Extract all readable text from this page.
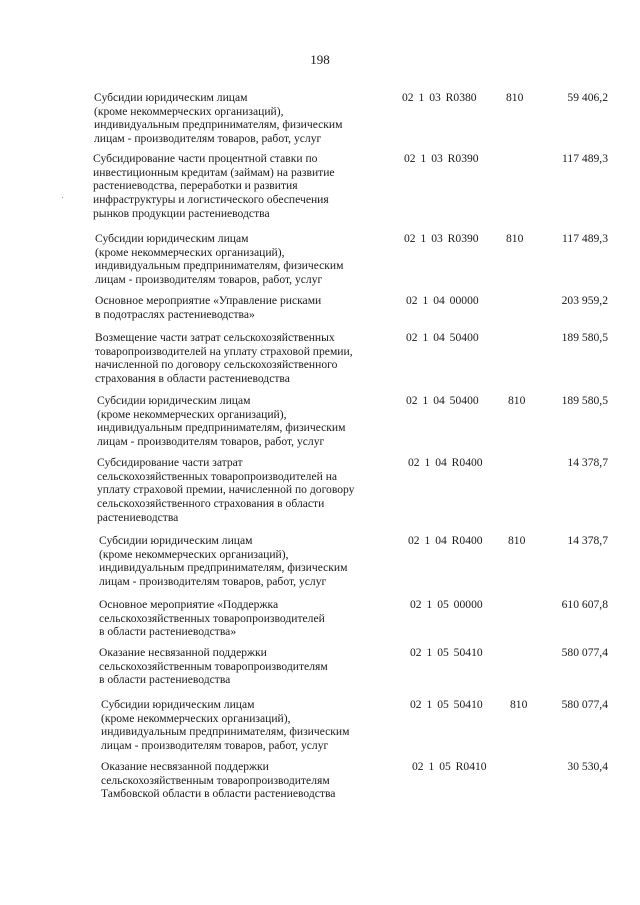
198
Субсидии юридическим лицам
(кроме некоммерческих организаций),
индивидуальным предпринимателям, физическим
лицам - производителям товаров, работ, услуг
02 1 03 R0380	810	59 406,2
Субсидирование части процентной ставки по
инвестиционным кредитам (займам) на развитие
растениеводства, переработки и развития
инфраструктуры и логистического обеспечения
рынков продукции растениеводства
02 1 03 R0390	117 489,3
Субсидии юридическим лицам
(кроме некоммерческих организаций),
индивидуальным предпринимателям, физическим
лицам - производителям товаров, работ, услуг
02 1 03 R0390 810	117 489,3
Основное мероприятие «Управление рисками
в подотраслях растениеводства»
02 1 04 00000	203 959,2
Возмещение части затрат сельскохозяйственных
товаропроизводителей на уплату страховой премии,
начисленной по договору сельскохозяйственного
страхования в области растениеводства
02 1 04 50400	189 580,5
Субсидии юридическим лицам
(кроме некоммерческих организаций),
индивидуальным предпринимателям, физическим
лицам - производителям товаров, работ, услуг
02 1 04 50400	810	189 580,5
Субсидирование части затрат
сельскохозяйственных товаропроизводителей на
уплату страховой премии, начисленной по договору
сельскохозяйственного страхования в области
растениеводства
02 1 04 R0400	14 378,7
Субсидии юридическим лицам
(кроме некоммерческих организаций),
индивидуальным предпринимателям, физическим
лицам - производителям товаров, работ, услуг
02 1 04 R0400 810	14 378,7
Основное мероприятие «Поддержка
сельскохозяйственных товаропроизводителей
в области растениеводства»
02 1 05 00000	610 607,8
Оказание несвязанной поддержки
сельскохозяйственным товаропроизводителям
в области растениеводства
02 1 05 50410	580 077,4
Субсидии юридическим лицам
(кроме некоммерческих организаций),
индивидуальным предпринимателям, физическим
лицам - производителям товаров, работ, услуг
02 1 05 50410 810	580 077,4
Оказание несвязанной поддержки
сельскохозяйственным товаропроизводителям
Тамбовской области в области растениеводства
02 1 05 R0410	30 530,4
